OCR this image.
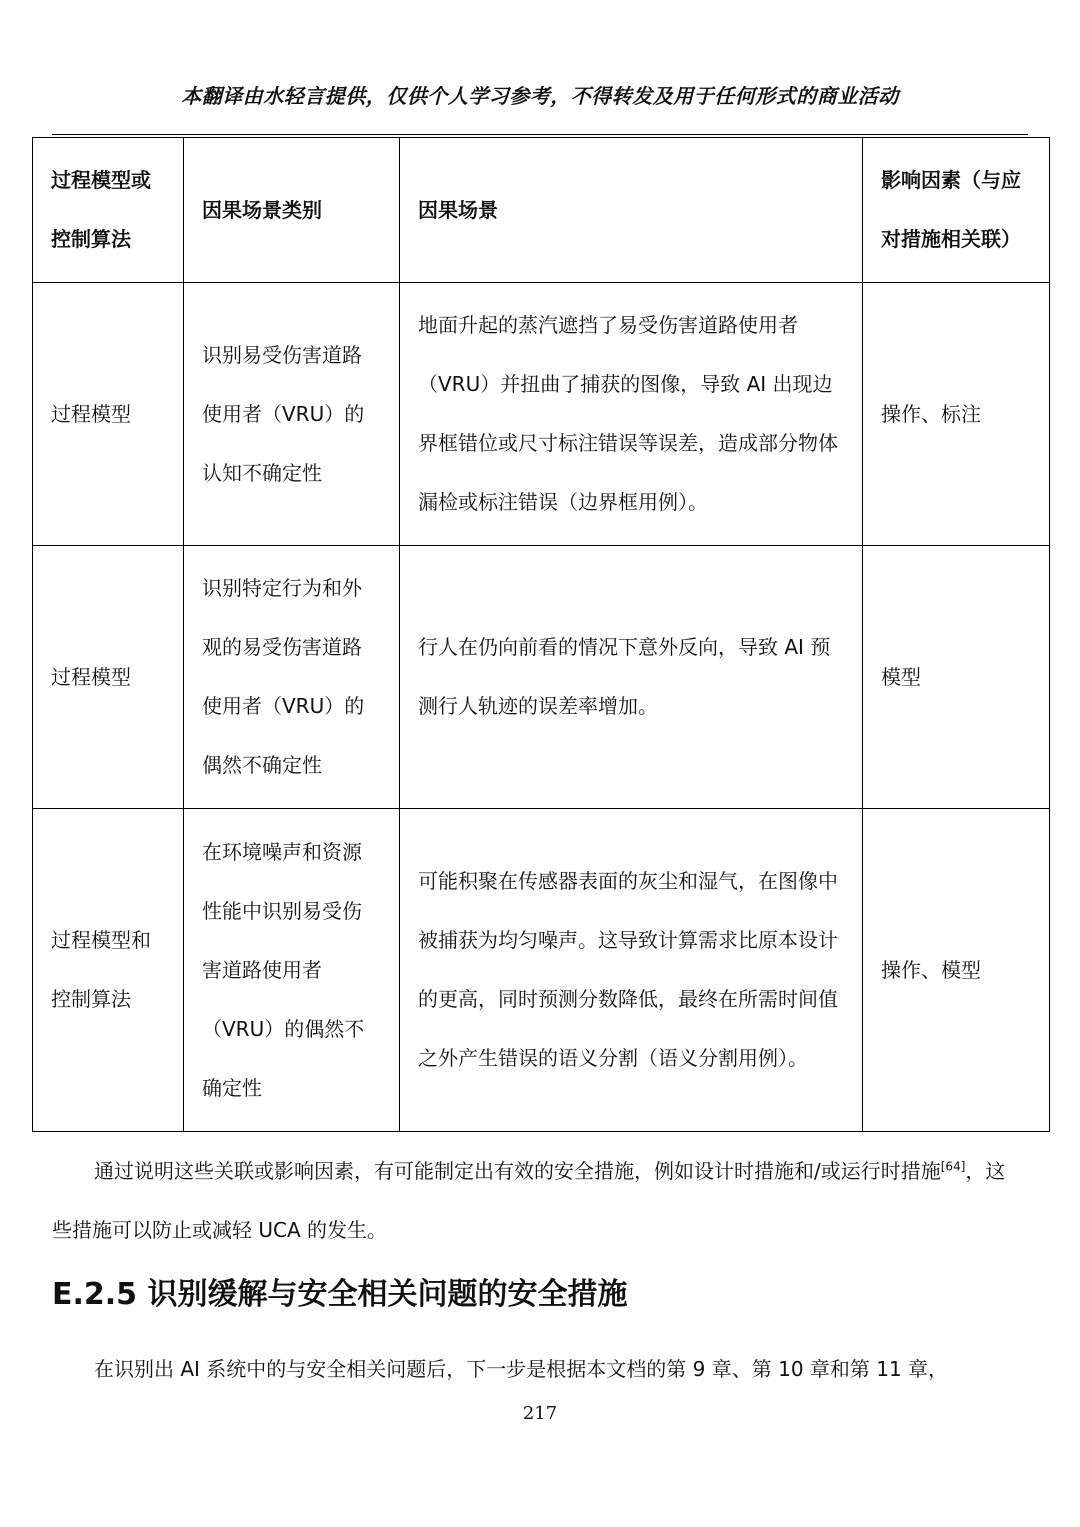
本翻译由水轻言提供，仅供个人学习参考，不得转发及用于任何形式的商业活动
过程模型或控制算法	因果场景类别	因果场景	影响因素（与应对措施相关联）
过程模型	识别易受伤害道路使用者（VRU）的认知不确定性	地面升起的蒸汽遮挡了易受伤害道路使用者（VRU）并扭曲了捕获的图像，导致 AI 出现边界框错位或尺寸标注错误等误差，造成部分物体漏检或标注错误（边界框用例）。	操作、标注
过程模型	识别特定行为和外观的易受伤害道路使用者（VRU）的偶然不确定性	行人在仍向前看的情况下意外反向，导致 AI 预测行人轨迹的误差率增加。	模型
过程模型和控制算法	在环境噪声和资源性能中识别易受伤害道路使用者（VRU）的偶然不确定性	可能积聚在传感器表面的灰尘和湿气，在图像中被捕获为均匀噪声。这导致计算需求比原本设计的更高，同时预测分数降低，最终在所需时间值之外产生错误的语义分割（语义分割用例）。	操作、模型
通过说明这些关联或影响因素，有可能制定出有效的安全措施，例如设计时措施和/或运行时措施[64]，这些措施可以防止或减轻 UCA 的发生。
E.2.5 识别缓解与安全相关问题的安全措施
在识别出 AI 系统中的与安全相关问题后，下一步是根据本文档的第 9 章、第 10 章和第 11 章，
217
